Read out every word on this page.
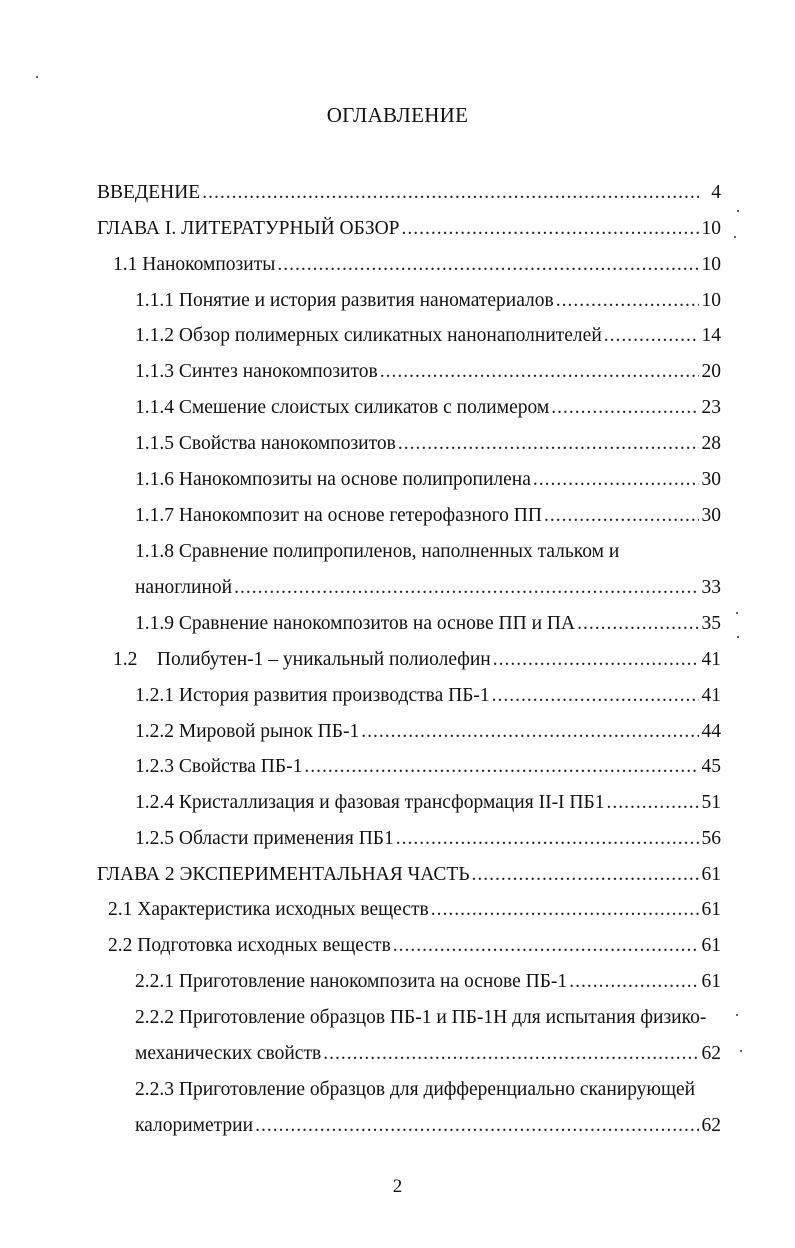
ОГЛАВЛЕНИЕ
ВВЕДЕНИЕ .....	4
ГЛАВА I. ЛИТЕРАТУРНЫЙ ОБЗОР .....	10
1.1 Нанокомпозиты .....	10
1.1.1 Понятие и история развития наноматериалов .....	10
1.1.2 Обзор полимерных силикатных нанонаполнителей .....	14
1.1.3 Синтез нанокомпозитов .....	20
1.1.4 Смешение слоистых силикатов с полимером .....	23
1.1.5 Свойства нанокомпозитов .....	28
1.1.6 Нанокомпозиты на основе полипропилена .....	30
1.1.7 Нанокомпозит на основе гетерофазного ПП .....	30
1.1.8 Сравнение полипропиленов, наполненных тальком и
наноглиной .....	33
1.1.9 Сравнение нанокомпозитов на основе ПП и ПА .....	35
1.2    Полибутен-1 – уникальный полиолефин .....	41
1.2.1 История развития производства ПБ-1 .....	41
1.2.2 Мировой рынок ПБ-1 .....	44
1.2.3 Свойства ПБ-1 .....	45
1.2.4 Кристаллизация и фазовая трансформация II-I ПБ1 .....	51
1.2.5 Области применения ПБ1 .....	56
ГЛАВА 2 ЭКСПЕРИМЕНТАЛЬНАЯ ЧАСТЬ .....	61
2.1 Характеристика исходных веществ .....	61
2.2 Подготовка исходных веществ .....	61
2.2.1 Приготовление нанокомпозита на основе ПБ-1 .....	61
2.2.2 Приготовление образцов ПБ-1 и ПБ-1Н для испытания физико-
механических свойств .....	62
2.2.3 Приготовление образцов для дифференциально сканирующей
калориметрии .....	62
2
